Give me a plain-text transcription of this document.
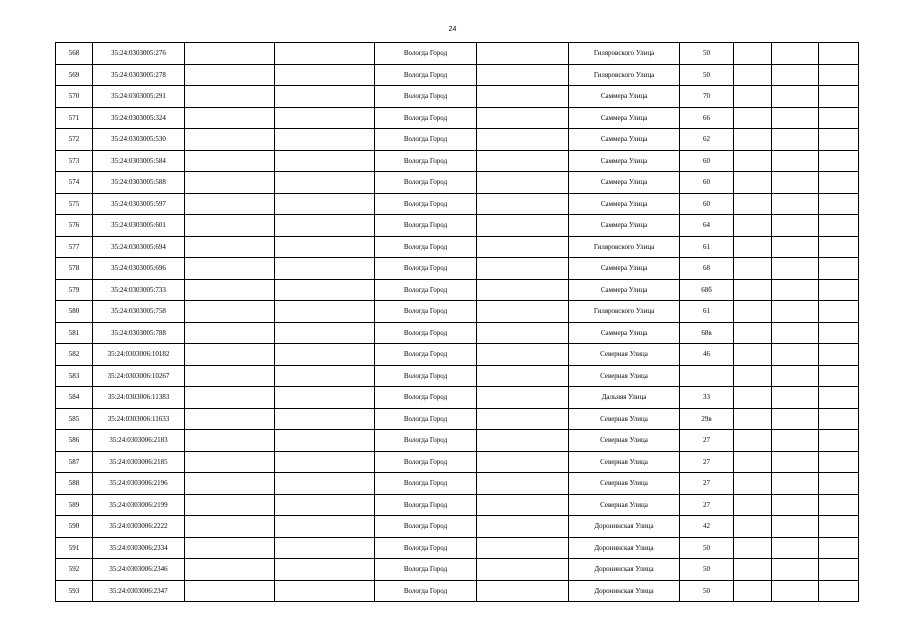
24
568	35:24:0303005:276			Вологда Город		Гиляровского Улица	50			
569	35:24:0303005:278			Вологда Город		Гиляровского Улица	50			
570	35:24:0303005:291			Вологда Город		Саммера Улица	70			
571	35:24:0303005:324			Вологда Город		Саммера Улица	66			
572	35:24:0303005:530			Вологда Город		Саммера Улица	62			
573	35:24:0303005:584			Вологда Город		Саммера Улица	60			
574	35:24:0303005:588			Вологда Город		Саммера Улица	60			
575	35:24:0303005:597			Вологда Город		Саммера Улица	60			
576	35:24:0303005:601			Вологда Город		Саммера Улица	64			
577	35:24:0303005:694			Вологда Город		Гиляровского Улица	61			
578	35:24:0303005:696			Вологда Город		Саммера Улица	68			
579	35:24:0303005:733			Вологда Город		Саммера Улица	68б			
580	35:24:0303005:758			Вологда Город		Гиляровского Улица	61			
581	35:24:0303005:788			Вологда Город		Саммера Улица	68в			
582	35:24:0303006:10182			Вологда Город		Северная Улица	46			
583	35:24:0303006:10267			Вологда Город		Северная Улица				
584	35:24:0303006:11383			Вологда Город		Дальняя Улица	33			
585	35:24:0303006:11633			Вологда Город		Северная Улица	29в			
586	35:24:0303006:2183			Вологда Город		Северная Улица	27			
587	35:24:0303006:2185			Вологда Город		Северная Улица	27			
588	35:24:0303006:2196			Вологда Город		Северная Улица	27			
589	35:24:0303006:2199			Вологда Город		Северная Улица	27			
590	35:24:0303006:2222			Вологда Город		Доронинская Улица	42			
591	35:24:0303006:2334			Вологда Город		Доронинская Улица	50			
592	35:24:0303006:2346			Вологда Город		Доронинская Улица	50			
593	35:24:0303006:2347			Вологда Город		Доронинская Улица	50			
